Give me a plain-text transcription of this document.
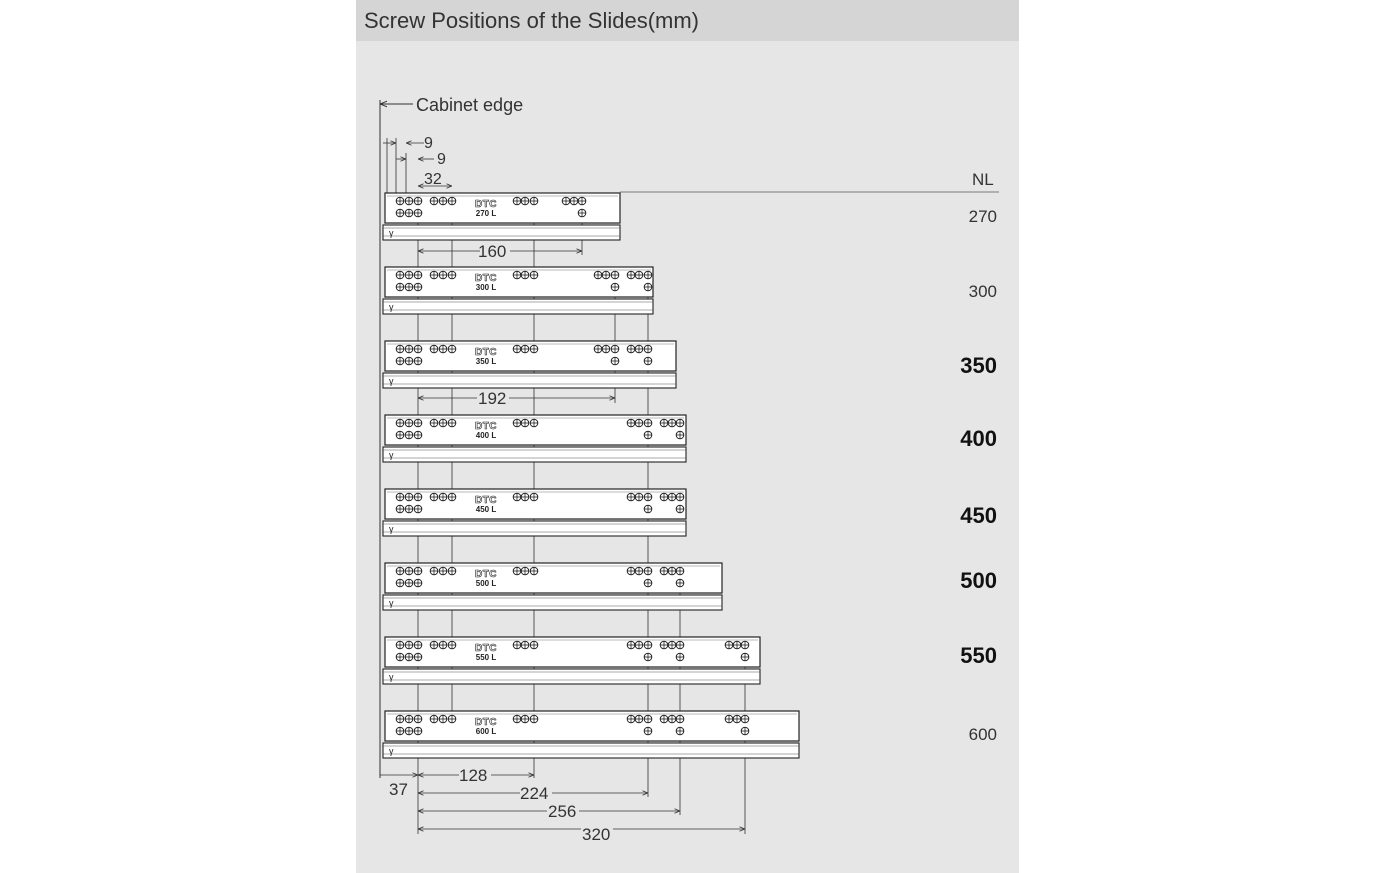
Screw Positions of the Slides(mm)
Cabinet edge
9
9
32	NL
γ
DTC
270 L
γ
DTC
300 L
γ
DTC
350 L
γ
DTC
400 L
γ
DTC
450 L
γ
DTC
500 L
γ
DTC
550 L
γ
DTC
600 L
270
300
350
400
450
500
550
600
160
192
37
128
224
256
320
